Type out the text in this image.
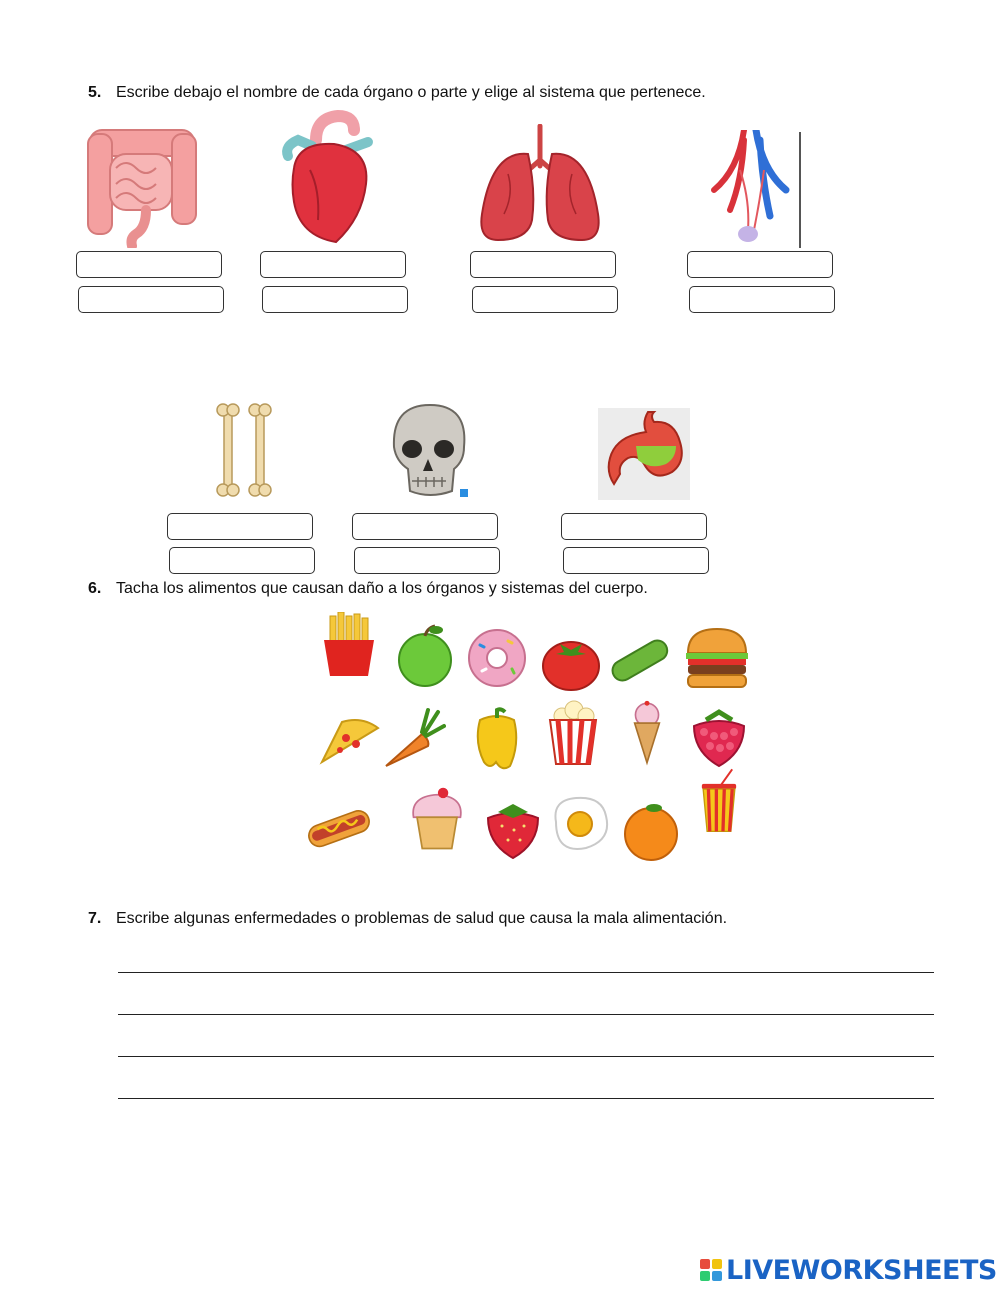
5. Escribe debajo el nombre de cada órgano o parte y elige al sistema que pertenece.
6. Tacha los alimentos que causan daño a los órganos y sistemas del cuerpo.
7. Escribe algunas enfermedades o problemas de salud que causa la mala alimentación.
LIVEWORKSHEETS
